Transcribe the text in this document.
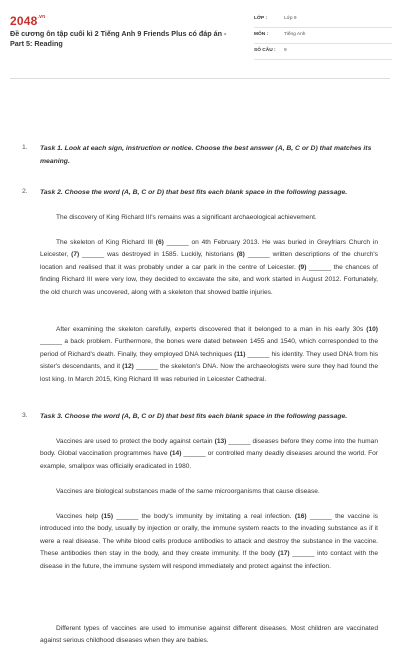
$2048^{.vn}$
Đề cương ôn tập cuối kì 2 Tiếng Anh 9 Friends Plus có đáp án - Part 5: Reading
LỚP :	Lớp 9
MÔN :	Tiếng Anh
SỐ CÂU : 9
1. Task 1. Look at each sign, instruction or notice. Choose the best answer (A, B, C or D) that matches its meaning.
2. Task 2. Choose the word (A, B, C or D) that best fits each blank space in the following passage.
The discovery of King Richard III's remains was a significant archaeological achievement.
The skeleton of King Richard III (6) ______ on 4th February 2013. He was buried in Greyfriars Church in Leicester, (7) ______ was destroyed in 1585. Luckily, historians (8) ______ written descriptions of the church's location and realised that it was probably under a car park in the centre of Leicester. (9) ______ the chances of finding Richard III were very low, they decided to excavate the site, and work started in August 2012. Fortunately, the old church was uncovered, along with a skeleton that showed battle injuries.
After examining the skeleton carefully, experts discovered that it belonged to a man in his early 30s (10) ______ a back problem. Furthermore, the bones were dated between 1455 and 1540, which corresponded to the period of Richard's death. Finally, they employed DNA techniques (11) ______ his identity. They used DNA from his sister's descendants, and it (12) ______ the skeleton's DNA. Now the archaeologists were sure they had found the lost king. In March 2015, King Richard III was reburied in Leicester Cathedral.
3. Task 3. Choose the word (A, B, C or D) that best fits each blank space in the following passage.
Vaccines are used to protect the body against certain (13) ______ diseases before they come into the human body. Global vaccination programmes have (14) ______ or controlled many deadly diseases around the world. For example, smallpox was officially eradicated in 1980.
Vaccines are biological substances made of the same microorganisms that cause disease.
Vaccines help (15) ______ the body's immunity by imitating a real infection. (16) ______ the vaccine is introduced into the body, usually by injection or orally, the immune system reacts to the invading substance as if it were a real disease. The white blood cells produce antibodies to attack and destroy the substance in the vaccine. These antibodies then stay in the body, and they create immunity. If the body (17) ______ into contact with the disease in the future, the immune system will respond immediately and protect against the infection.
Different types of vaccines are used to immunise against different diseases. Most children are vaccinated against serious childhood diseases when they are babies.
